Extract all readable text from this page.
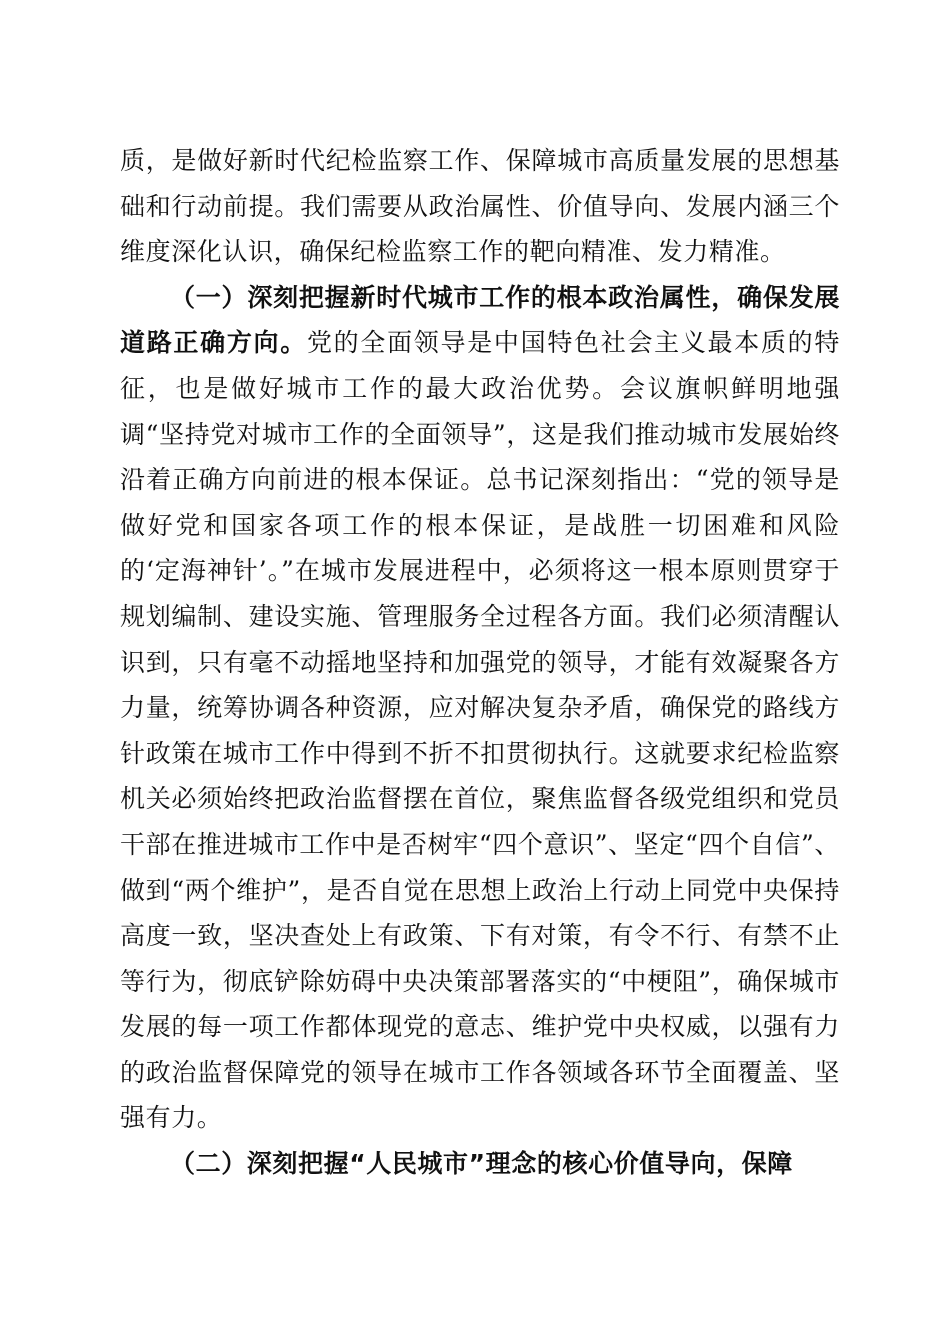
质，是做好新时代纪检监察工作、保障城市高质量发展的思想基础和行动前提。我们需要从政治属性、价值导向、发展内涵三个维度深化认识，确保纪检监察工作的靶向精准、发力精准。

（一）深刻把握新时代城市工作的根本政治属性，确保发展道路正确方向。党的全面领导是中国特色社会主义最本质的特征，也是做好城市工作的最大政治优势。会议旗帜鲜明地强调“坚持党对城市工作的全面领导”，这是我们推动城市发展始终沿着正确方向前进的根本保证。总书记深刻指出：“党的领导是做好党和国家各项工作的根本保证，是战胜一切困难和风险的‘定海神针’。”在城市发展进程中，必须将这一根本原则贯穿于规划编制、建设实施、管理服务全过程各方面。我们必须清醒认识到，只有毫不动摇地坚持和加强党的领导，才能有效凝聚各方力量，统筹协调各种资源，应对解决复杂矛盾，确保党的路线方针政策在城市工作中得到不折不扣贯彻执行。这就要求纪检监察机关必须始终把政治监督摆在首位，聚焦监督各级党组织和党员干部在推进城市工作中是否树牢“四个意识”、坚定“四个自信”、做到“两个维护”，是否自觉在思想上政治上行动上同党中央保持高度一致，坚决查处上有政策、下有对策，有令不行、有禁不止等行为，彻底铲除妨碍中央决策部署落实的“中梗阻”，确保城市发展的每一项工作都体现党的意志、维护党中央权威，以强有力的政治监督保障党的领导在城市工作各领域各环节全面覆盖、坚强有力。

（二）深刻把握“人民城市”理念的核心价值导向，保障
